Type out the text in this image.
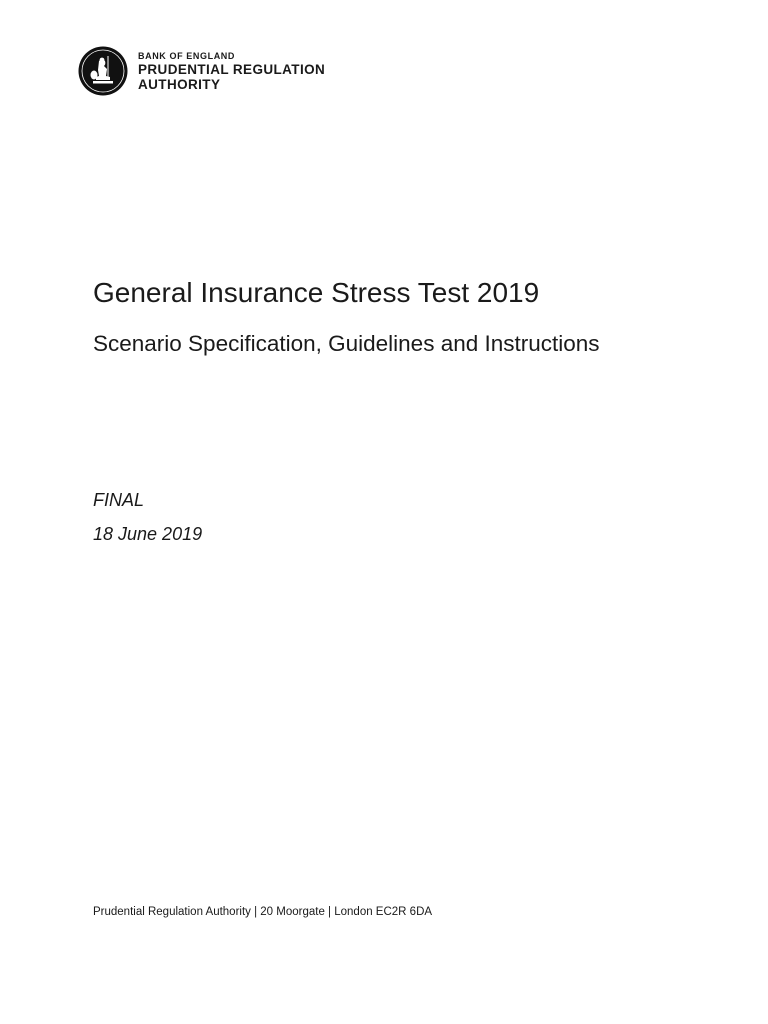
BANK OF ENGLAND
PRUDENTIAL REGULATION
AUTHORITY
General Insurance Stress Test 2019
Scenario Specification, Guidelines and Instructions
FINAL
18 June 2019
Prudential Regulation Authority | 20 Moorgate | London EC2R 6DA
